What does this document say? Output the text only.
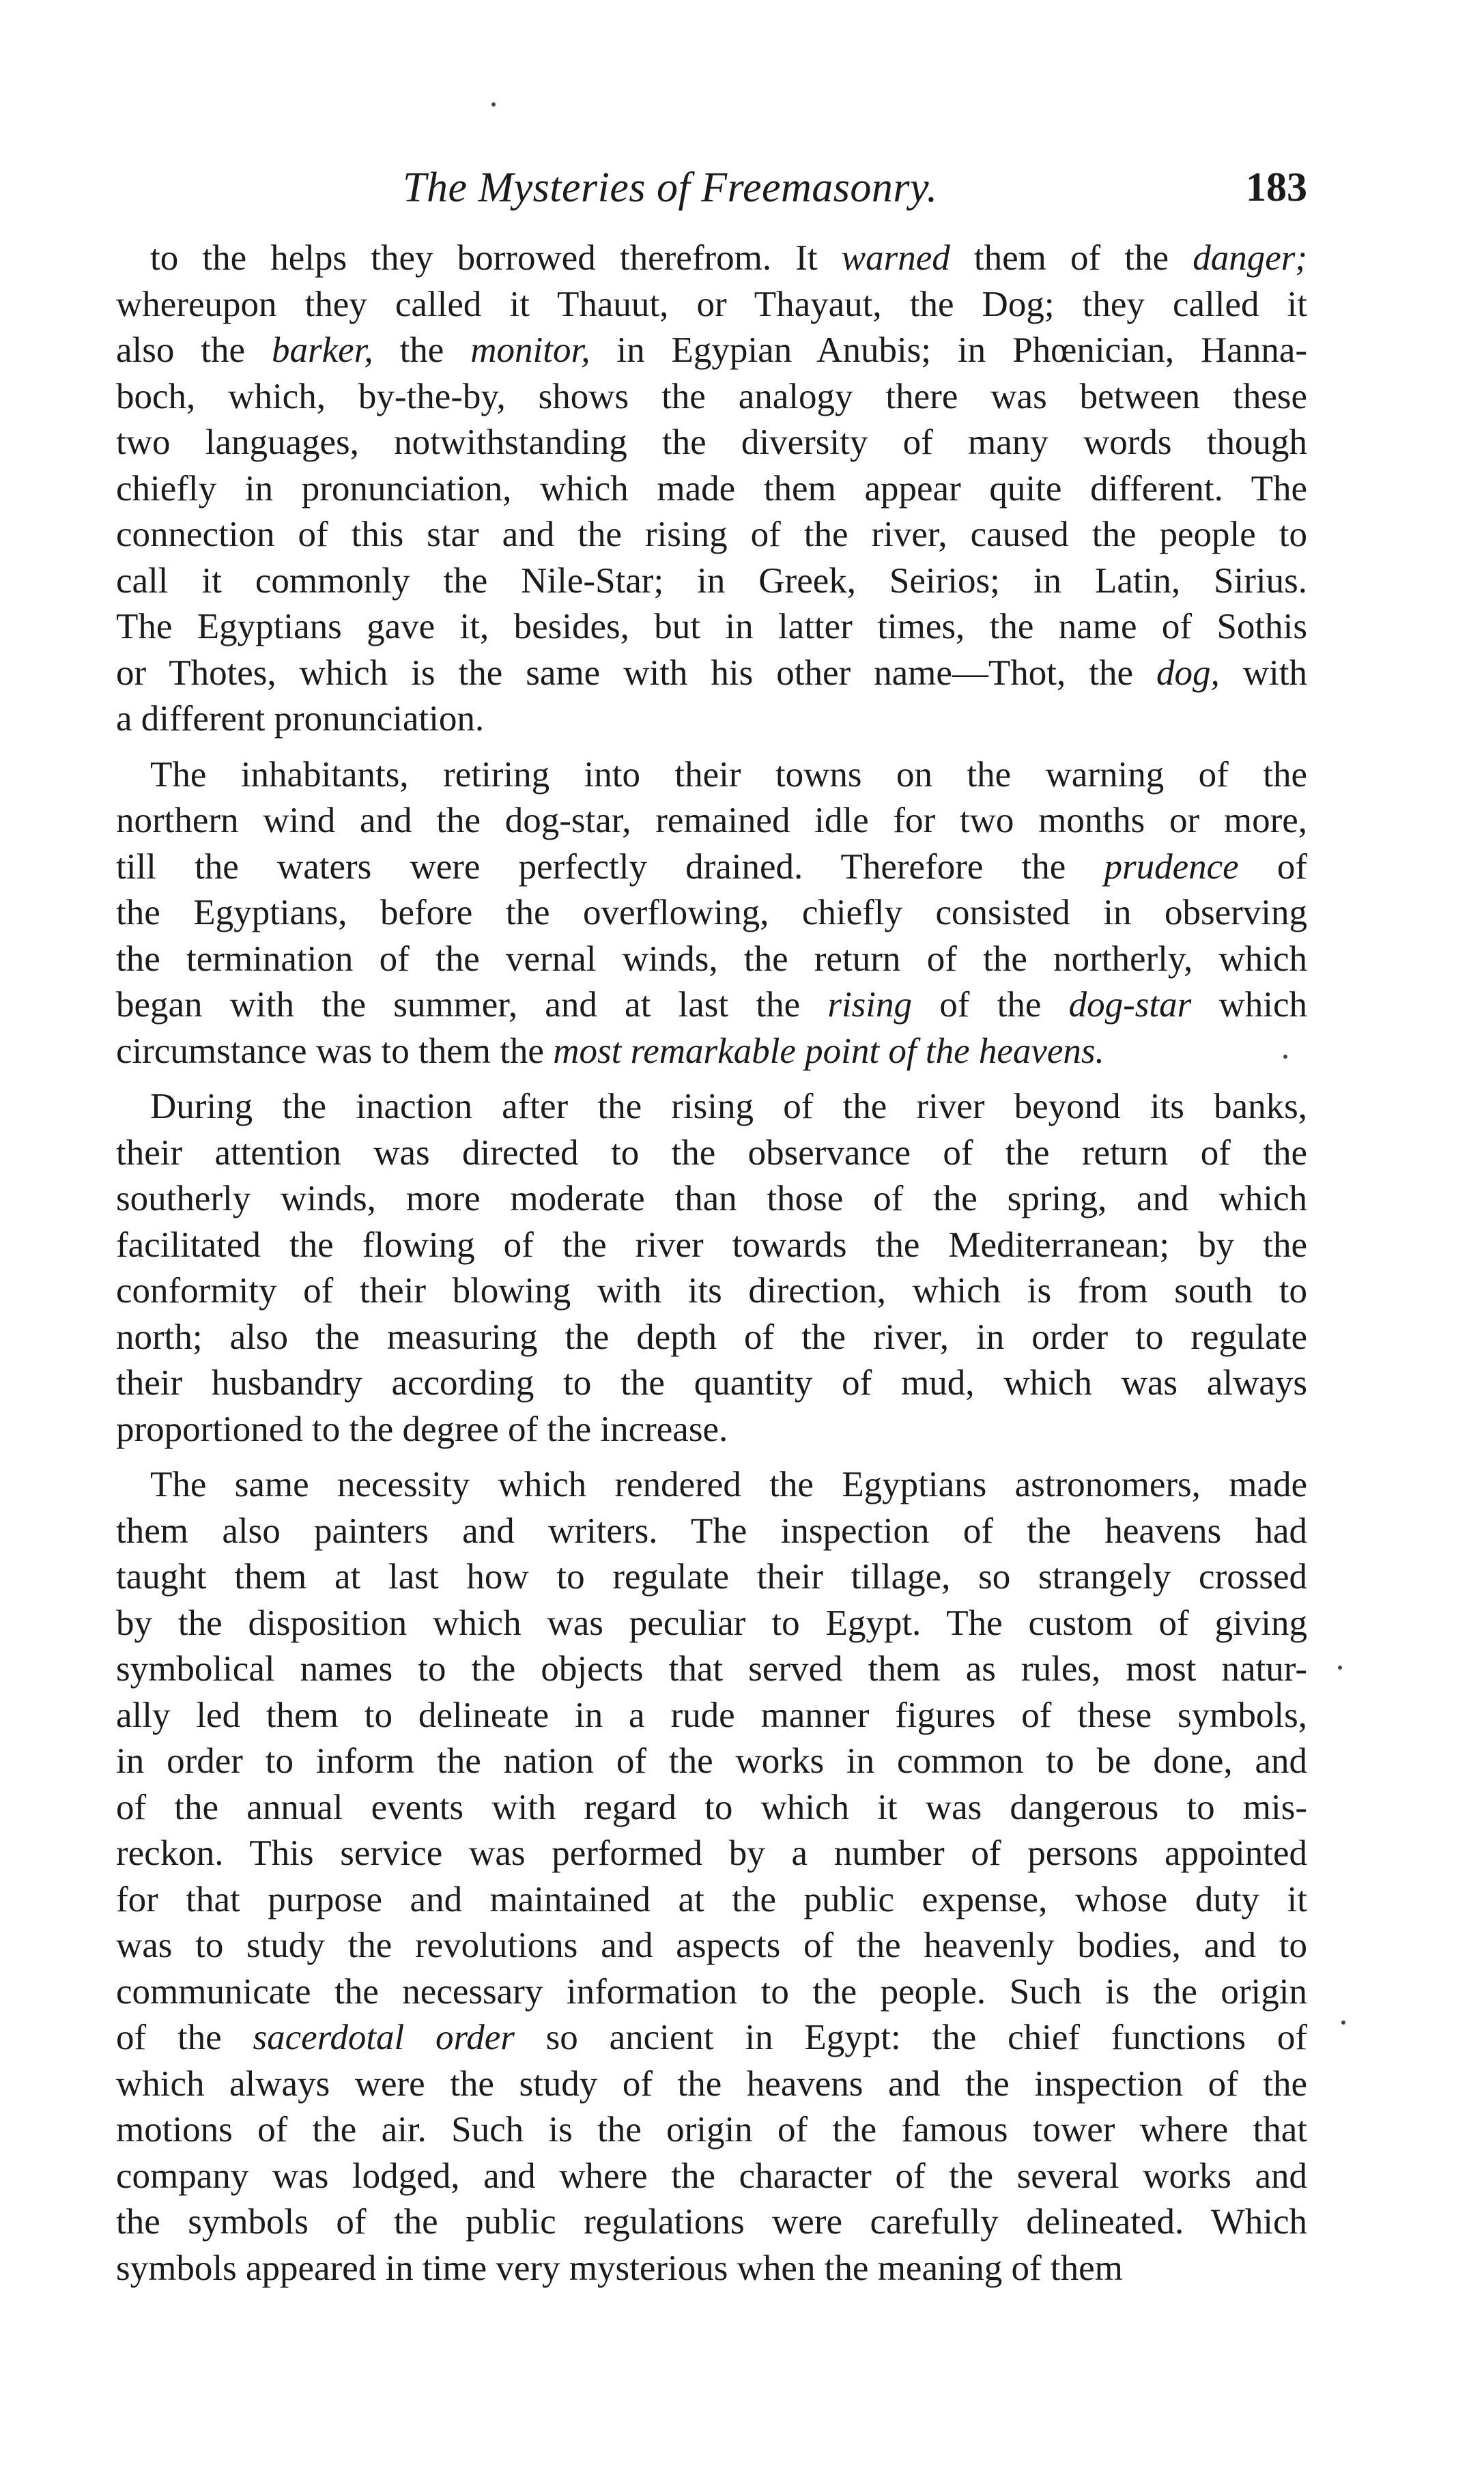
The Mysteries of Freemasonry.	183
to the helps they borrowed therefrom. It warned them of the danger;
whereupon they called it Thauut, or Thayaut, the Dog; they called it
also the barker, the monitor, in Egypian Anubis; in Phœnician, Hanna-
boch, which, by-the-by, shows the analogy there was between these
two languages, notwithstanding the diversity of many words though
chiefly in pronunciation, which made them appear quite different. The
connection of this star and the rising of the river, caused the people to
call it commonly the Nile-Star; in Greek, Seirios; in Latin, Sirius.
The Egyptians gave it, besides, but in latter times, the name of Sothis
or Thotes, which is the same with his other name—Thot, the dog, with
a different pronunciation.
The inhabitants, retiring into their towns on the warning of the
northern wind and the dog-star, remained idle for two months or more,
till the waters were perfectly drained. Therefore the prudence of
the Egyptians, before the overflowing, chiefly consisted in observing
the termination of the vernal winds, the return of the northerly, which
began with the summer, and at last the rising of the dog-star which
circumstance was to them the most remarkable point of the heavens.
During the inaction after the rising of the river beyond its banks,
their attention was directed to the observance of the return of the
southerly winds, more moderate than those of the spring, and which
facilitated the flowing of the river towards the Mediterranean; by the
conformity of their blowing with its direction, which is from south to
north; also the measuring the depth of the river, in order to regulate
their husbandry according to the quantity of mud, which was always
proportioned to the degree of the increase.
The same necessity which rendered the Egyptians astronomers, made
them also painters and writers. The inspection of the heavens had
taught them at last how to regulate their tillage, so strangely crossed
by the disposition which was peculiar to Egypt. The custom of giving
symbolical names to the objects that served them as rules, most natur-
ally led them to delineate in a rude manner figures of these symbols,
in order to inform the nation of the works in common to be done, and
of the annual events with regard to which it was dangerous to mis-
reckon. This service was performed by a number of persons appointed
for that purpose and maintained at the public expense, whose duty it
was to study the revolutions and aspects of the heavenly bodies, and to
communicate the necessary information to the people. Such is the origin
of the sacerdotal order so ancient in Egypt: the chief functions of
which always were the study of the heavens and the inspection of the
motions of the air. Such is the origin of the famous tower where that
company was lodged, and where the character of the several works and
the symbols of the public regulations were carefully delineated. Which
symbols appeared in time very mysterious when the meaning of them
